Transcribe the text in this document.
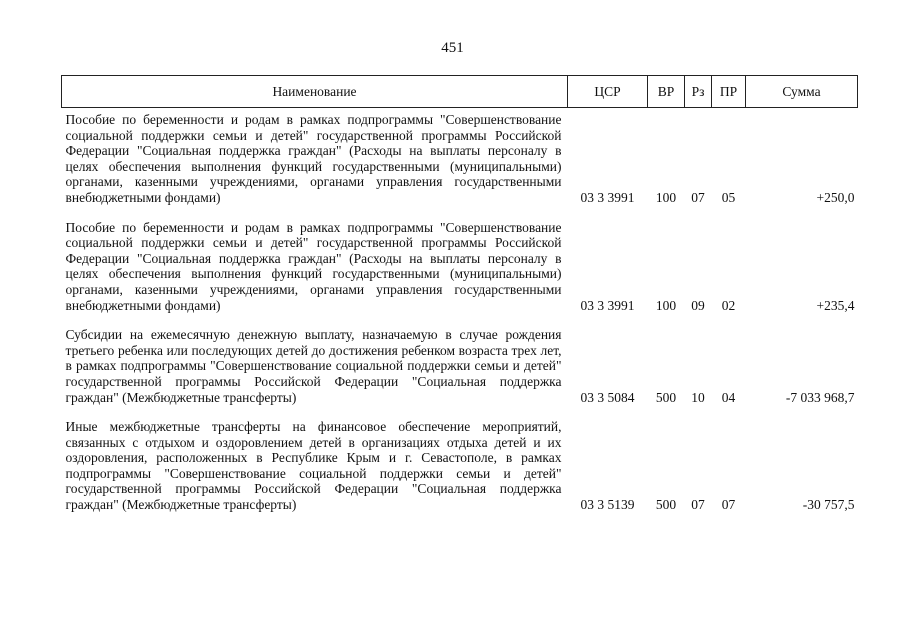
451
Наименование	ЦСР	ВР	Рз	ПР	Сумма
Пособие по беременности и родам в рамках подпрограммы "Совершенствование социальной поддержки семьи и детей" государственной программы Российской Федерации "Социальная поддержка граждан" (Расходы на выплаты персоналу в целях обеспечения выполнения функций государственными (муниципальными) органами, казенными учреждениями, органами управления государственными внебюджетными фондами)	03 3 3991	100	07	05	+250,0
Пособие по беременности и родам в рамках подпрограммы "Совершенствование социальной поддержки семьи и детей" государственной программы Российской Федерации "Социальная поддержка граждан" (Расходы на выплаты персоналу в целях обеспечения выполнения функций государственными (муниципальными) органами, казенными учреждениями, органами управления государственными внебюджетными фондами)	03 3 3991	100	09	02	+235,4
Субсидии на ежемесячную денежную выплату, назначаемую в случае рождения третьего ребенка или последующих детей до достижения ребенком возраста трех лет, в рамках подпрограммы "Совершенствование социальной поддержки семьи и детей" государственной программы Российской Федерации "Социальная поддержка граждан" (Межбюджетные трансферты)	03 3 5084	500	10	04	-7 033 968,7
Иные межбюджетные трансферты на финансовое обеспечение мероприятий, связанных с отдыхом и оздоровлением детей в организациях отдыха детей и их оздоровления, расположенных в Республике Крым и г. Севастополе, в рамках подпрограммы "Совершенствование социальной поддержки семьи и детей" государственной программы Российской Федерации "Социальная поддержка граждан" (Межбюджетные трансферты)	03 3 5139	500	07	07	-30 757,5
